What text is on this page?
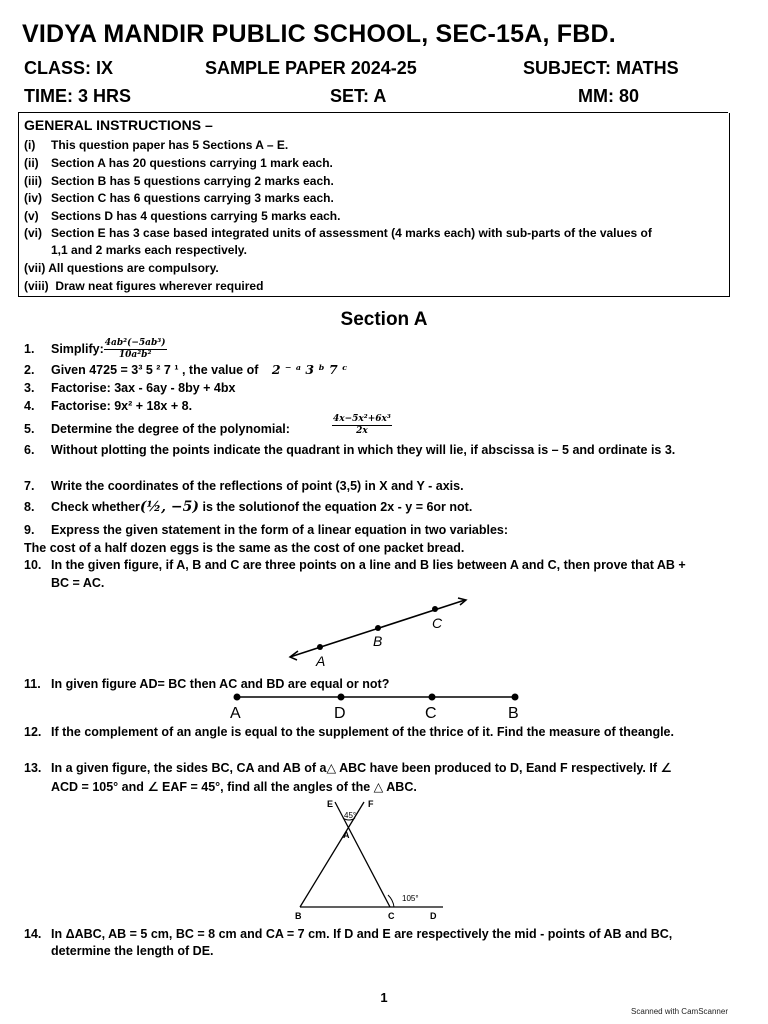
VIDYA MANDIR PUBLIC SCHOOL, SEC-15A, FBD.
CLASS: IX	SAMPLE PAPER 2024-25	SUBJECT: MATHS
TIME: 3 HRS	SET: A	MM: 80
GENERAL INSTRUCTIONS –
(i) This question paper has 5 Sections A – E.
(ii) Section A has 20 questions carrying 1 mark each.
(iii) Section B has 5 questions carrying 2 marks each.
(iv) Section C has 6 questions carrying 3 marks each.
(v) Sections D has 4 questions carrying 5 marks each.
(vi) Section E has 3 case based integrated units of assessment (4 marks each) with sub-parts of the values of
1,1 and 2 marks each respectively.
(vii) All questions are compulsory.
(viii) Draw neat figures wherever required
Section A
1. Simplify: $\frac{\text{4ab²(−5ab³)}}{\text{10a²b²}}$
2. Given 4725 = 3³ 5 ² 7 ¹ , the value of 2 ⁻ ᵃ 3 ᵇ 7 ᶜ
3. Factorise: 3ax - 6ay - 8by + 4bx
4. Factorise: 9x² + 18x + 8.
5. Determine the degree of the polynomial:	$\frac{\text{4x−5x²+6x³}}{2x}$
6. Without plotting the points indicate the quadrant in which they will lie, if abscissa is – 5 and ordinate is 3.
7. Write the coordinates of the reflections of point (3,5) in X and Y - axis.
8. Check whether(½, −5) is the solutionof the equation 2x - y = 6or not.
9. Express the given statement in the form of a linear equation in two variables:
The cost of a half dozen eggs is the same as the cost of one packet bread.
10. In the given figure, if A, B and C are three points on a line and B lies between A and C, then prove that AB +
BC = AC.
A
B
C
11. In given figure AD= BC then AC and BD are equal or not?
A	D	C	B
12. If the complement of an angle is equal to the supplement of the thrice of it. Find the measure of theangle.
13. In a given figure, the sides BC, CA and AB of a△ ABC have been produced to D, Eand F respectively. If ∠
ACD = 105° and ∠ EAF = 45°, find all the angles of the △ ABC.
E	F
A
B	C	D
45°
105°
14. In ΔABC, AB = 5 cm, BC = 8 cm and CA = 7 cm. If D and E are respectively the mid - points of AB and BC,
determine the length of DE.
1
Scanned with CamScanner
